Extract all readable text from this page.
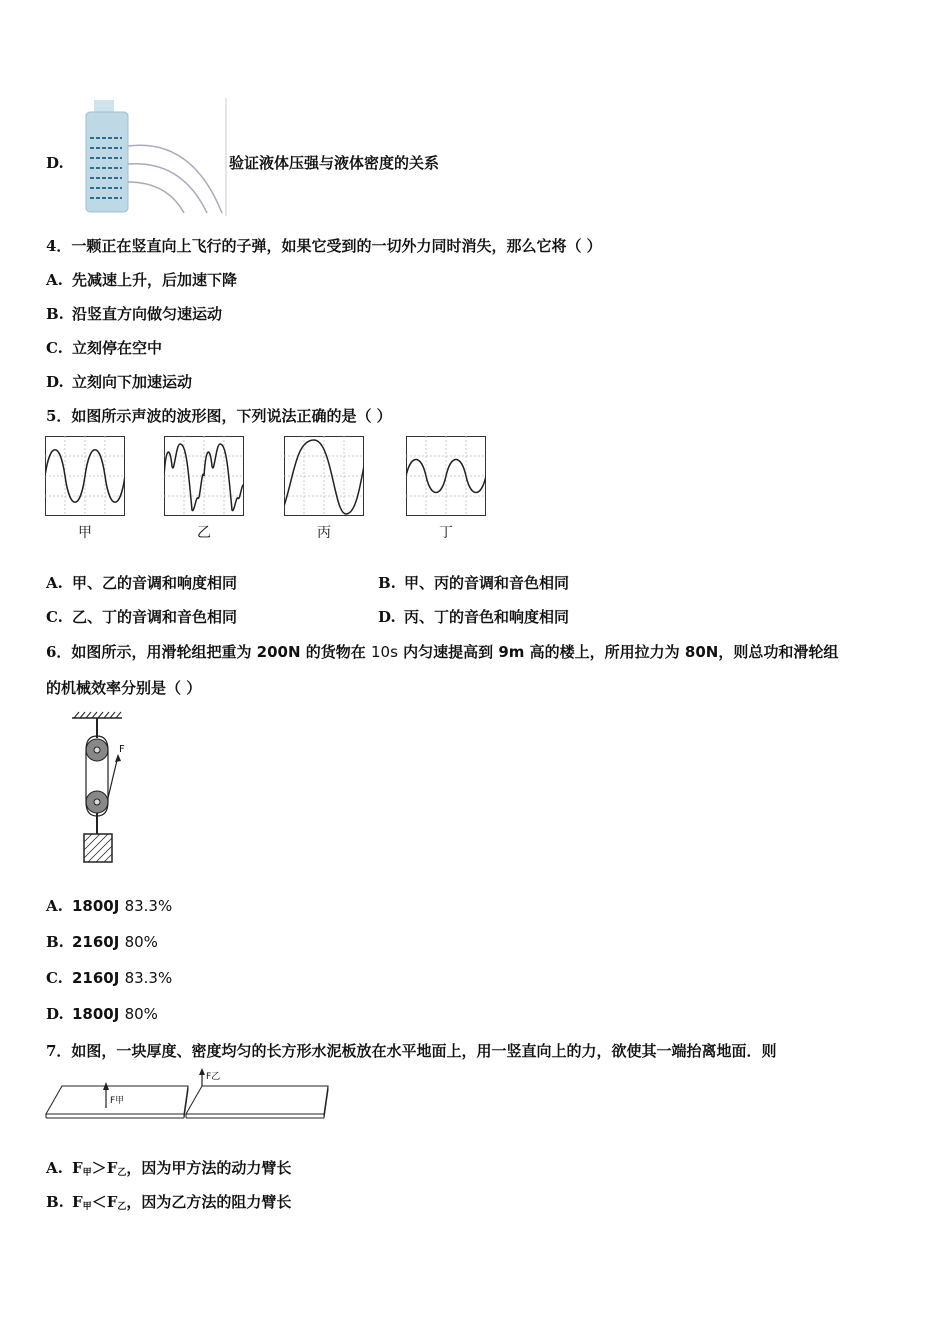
D.	验证液体压强与液体密度的关系
4．一颗正在竖直向上飞行的子弹，如果它受到的一切外力同时消失，那么它将（ ）
A. 先减速上升，后加速下降
B. 沿竖直方向做匀速运动
C. 立刻停在空中
D. 立刻向下加速运动
5．如图所示声波的波形图，下列说法正确的是（ ）
甲	乙	丙	丁
A. 甲、乙的音调和响度相同	B. 甲、丙的音调和音色相同
C. 乙、丁的音调和音色相同	D. 丙、丁的音色和响度相同
6．如图所示，用滑轮组把重为 200N 的货物在 10s 内匀速提高到 9m 高的楼上，所用拉力为 80N，则总功和滑轮组
的机械效率分别是（ ）
F
A. 1800J 83.3%
B. 2160J 80%
C. 2160J 83.3%
D. 1800J 80%
7．如图，一块厚度、密度均匀的长方形水泥板放在水平地面上，用一竖直向上的力，欲使其一端抬离地面．则
F甲
F乙
A. $F_甲>F_乙$，因为甲方法的动力臂长
B. $F_甲<F_乙$，因为乙方法的阻力臂长
